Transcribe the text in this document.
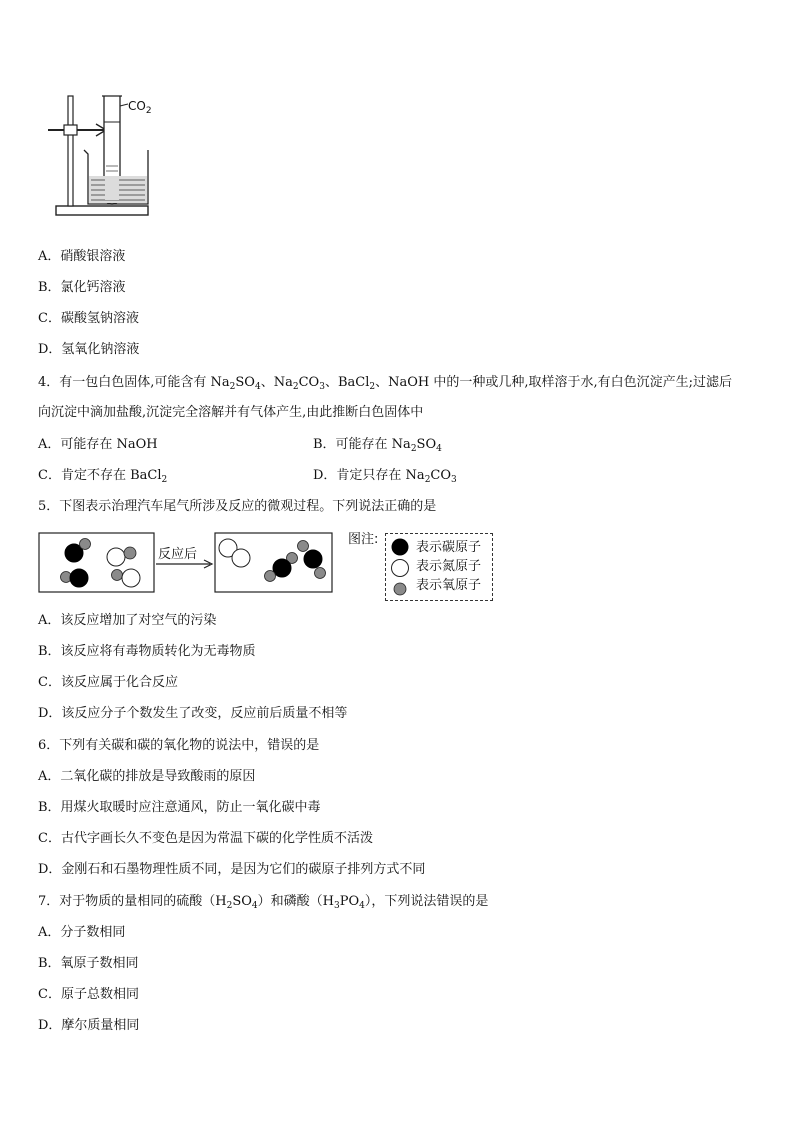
$CO_2$
A．硝酸银溶液
B．氯化钙溶液
C．碳酸氢钠溶液
D．氢氧化钠溶液
4．有一包白色固体,可能含有 $Na_2SO_4$、$Na_2CO_3$、BaCl$_2$、NaOH 中的一种或几种,取样溶于水,有白色沉淀产生;过滤后
向沉淀中滴加盐酸,沉淀完全溶解并有气体产生,由此推断白色固体中
A．可能存在 NaOH	B．可能存在 $Na_2SO_4$
C．肯定不存在 BaCl$_2$	D．肯定只存在 $Na_2CO_3$
5．下图表示治理汽车尾气所涉及反应的微观过程。下列说法正确的是
反应后
图注:
表示碳原子
表示氮原子
表示氧原子
A．该反应增加了对空气的污染
B．该反应将有毒物质转化为无毒物质
C．该反应属于化合反应
D．该反应分子个数发生了改变，反应前后质量不相等
6．下列有关碳和碳的氧化物的说法中，错误的是
A．二氧化碳的排放是导致酸雨的原因
B．用煤火取暖时应注意通风，防止一氧化碳中毒
C．古代字画长久不变色是因为常温下碳的化学性质不活泼
D．金刚石和石墨物理性质不同，是因为它们的碳原子排列方式不同
7．对于物质的量相同的硫酸$(H_2SO_4)$和磷酸$(H_3PO_4)$，下列说法错误的是
A．分子数相同
B．氧原子数相同
C．原子总数相同
D．摩尔质量相同
